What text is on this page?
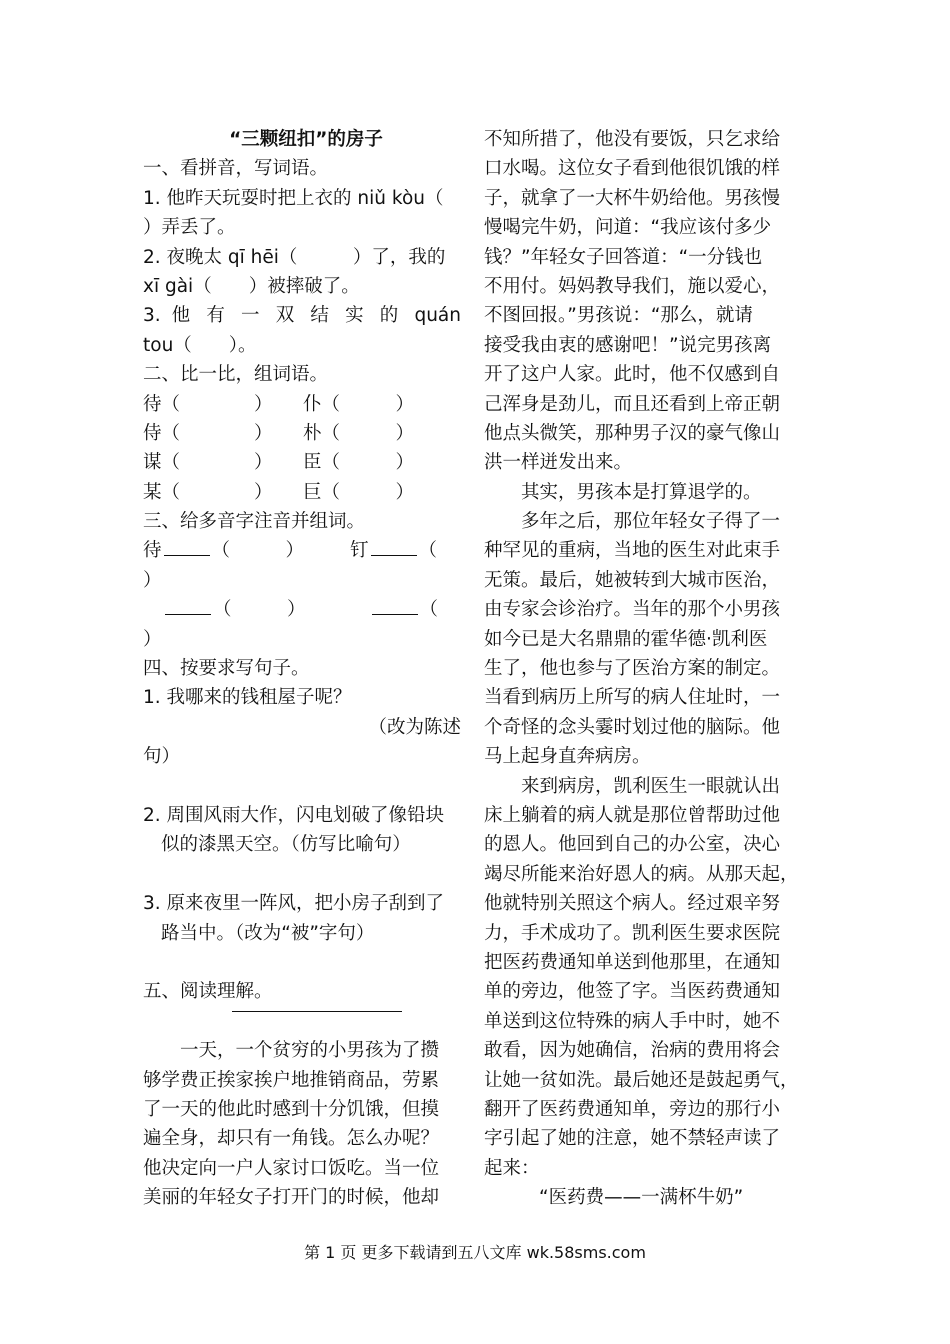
“三颗纽扣”的房子
一、看拼音，写词语。
1. 他昨天玩耍时把上衣的 niǔ kòu（
）弄丢了。
2. 夜晚太 qī hēi（　　　）了，我的
xī gài（　　）被摔破了。
3. 他 有 一 双 结 实 的 quán
tou（　　）。
二、比一比，组词语。
待（　　　　） 仆（　　　）
侍（　　　　） 朴（　　　）
谋（　　　　） 臣（　　　）
某（　　　　） 巨（　　　）
三、给多音字注音并组词。
待	（　　　） 钉	（
）
（　　　）	（
）
四、按要求写句子。
1. 我哪来的钱租屋子呢？
（改为陈述
句）
2. 周围风雨大作，闪电划破了像铅块
似的漆黑天空。（仿写比喻句）
3. 原来夜里一阵风，把小房子刮到了
路当中。（改为“被”字句）
五、阅读理解。
一天，一个贫穷的小男孩为了攒
够学费正挨家挨户地推销商品，劳累
了一天的他此时感到十分饥饿，但摸
遍全身，却只有一角钱。怎么办呢？
他决定向一户人家讨口饭吃。当一位
美丽的年轻女子打开门的时候，他却
不知所措了，他没有要饭，只乞求给
口水喝。这位女子看到他很饥饿的样
子，就拿了一大杯牛奶给他。男孩慢
慢喝完牛奶，问道：“我应该付多少
钱？”年轻女子回答道：“一分钱也
不用付。妈妈教导我们，施以爱心，
不图回报。”男孩说：“那么，就请
接受我由衷的感谢吧！”说完男孩离
开了这户人家。此时，他不仅感到自
己浑身是劲儿，而且还看到上帝正朝
他点头微笑，那种男子汉的豪气像山
洪一样迸发出来。
其实，男孩本是打算退学的。
多年之后，那位年轻女子得了一
种罕见的重病，当地的医生对此束手
无策。最后，她被转到大城市医治，
由专家会诊治疗。当年的那个小男孩
如今已是大名鼎鼎的霍华德·凯利医
生了，他也参与了医治方案的制定。
当看到病历上所写的病人住址时，一
个奇怪的念头霎时划过他的脑际。他
马上起身直奔病房。
来到病房，凯利医生一眼就认出
床上躺着的病人就是那位曾帮助过他
的恩人。他回到自己的办公室，决心
竭尽所能来治好恩人的病。从那天起，
他就特别关照这个病人。经过艰辛努
力，手术成功了。凯利医生要求医院
把医药费通知单送到他那里，在通知
单的旁边，他签了字。当医药费通知
单送到这位特殊的病人手中时，她不
敢看，因为她确信，治病的费用将会
让她一贫如洗。最后她还是鼓起勇气，
翻开了医药费通知单，旁边的那行小
字引起了她的注意，她不禁轻声读了
起来：
“医药费——一满杯牛奶”
第 1 页 更多下载请到五八文库 wk.58sms.com
